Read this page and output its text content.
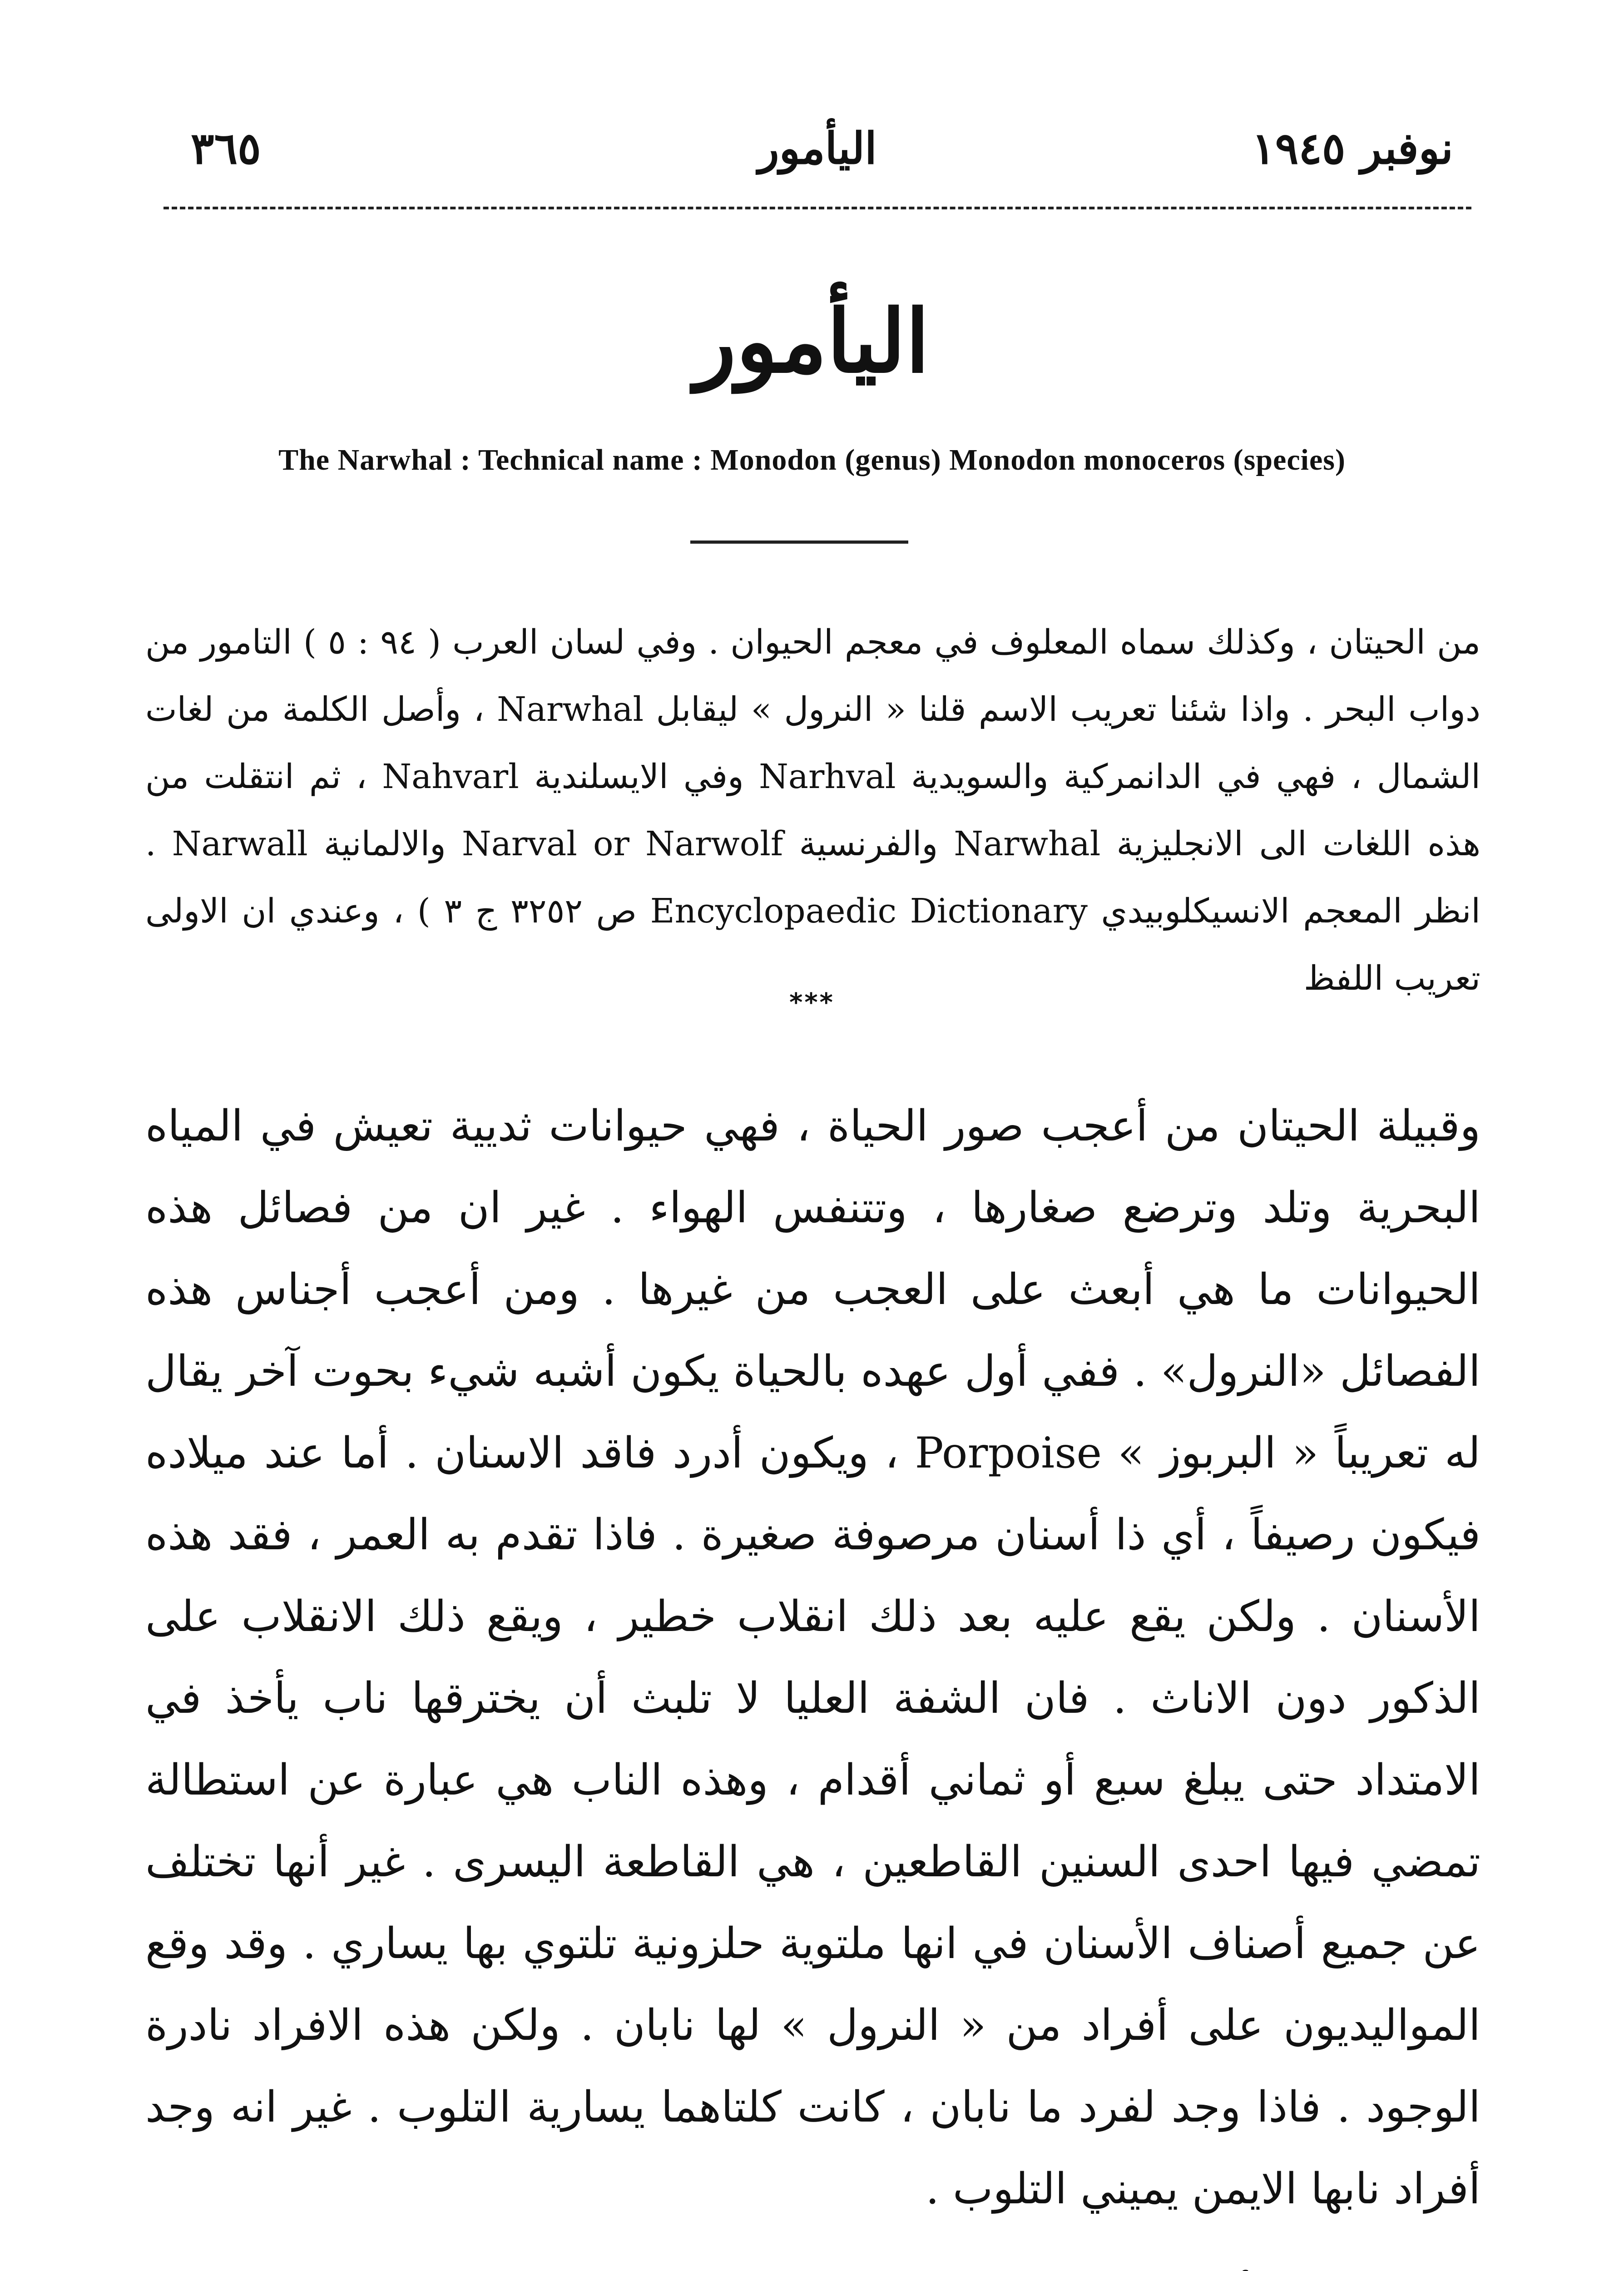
نوفبر ١٩٤٥
اليأمور
٣٦٥
اليأمور
The Narwhal : Technical name : Monodon (genus) Monodon monoceros (species)
من الحيتان ، وكذلك سماه المعلوف في معجم الحيوان . وفي لسان العرب ( ٩٤ : ٥ ) التامور من دواب البحر . واذا شئنا تعريب الاسم قلنا « النرول » ليقابل Narwhal ، وأصل الكلمة من لغات الشمال ، فهي في الدانمركية والسويدية Narhval وفي الايسلندية Nahvarl ، ثم انتقلت من هذه اللغات الى الانجليزية Narwhal والفرنسية Narval or Narwolf والالمانية Narwall . انظر المعجم الانسيكلوبيدي Encyclopaedic Dictionary ص ٣٢٥٢ ج ٣ ) ، وعندي ان الاولى تعريب اللفظ
***

وقبيلة الحيتان من أعجب صور الحياة ، فهي حيوانات ثديية تعيش في المياه البحرية وتلد وترضع صغارها ، وتتنفس الهواء . غير ان من فصائل هذه الحيوانات ما هي أبعث على العجب من غيرها . ومن أعجب أجناس هذه الفصائل «النرول» . ففي أول عهده بالحياة يكون أشبه شيء بحوت آخر يقال له تعريباً « البربوز » Porpoise ، ويكون أدرد فاقد الاسنان . أما عند ميلاده فيكون رصيفاً ، أي ذا أسنان مرصوفة صغيرة . فاذا تقدم به العمر ، فقد هذه الأسنان . ولكن يقع عليه بعد ذلك انقلاب خطير ، ويقع ذلك الانقلاب على الذكور دون الاناث . فان الشفة العليا لا تلبث أن يخترقها ناب يأخذ في الامتداد حتى يبلغ سبع أو ثماني أقدام ، وهذه الناب هي عبارة عن استطالة تمضي فيها احدى السنين القاطعين ، هي القاطعة اليسرى . غير أنها تختلف عن جميع أصناف الأسنان في انها ملتوية حلزونية تلتوي بها يساري . وقد وقع المواليديون على أفراد من « النرول » لها نابان . ولكن هذه الافراد نادرة الوجود . فاذا وجد لفرد ما نابان ، كانت كلتاهما يسارية التلوب . غير انه وجد أفراد نابها الايمن يميني التلوب .
